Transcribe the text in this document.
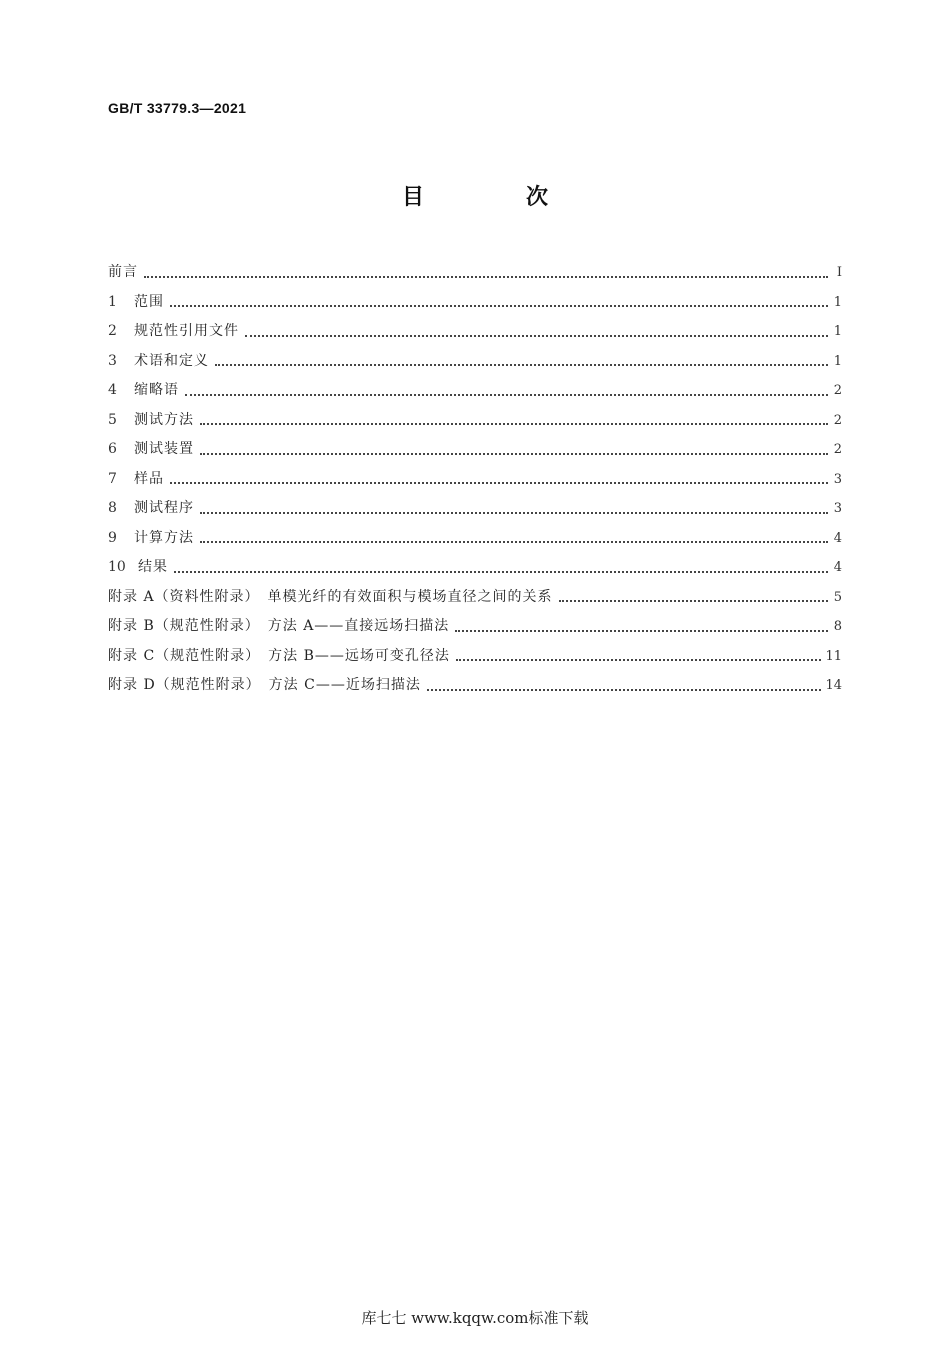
GB/T 33779.3—2021
目　次
前言	Ⅰ
1	范围	1
2	规范性引用文件	1
3	术语和定义	1
4	缩略语	2
5	测试方法	2
6	测试装置	2
7	样品	3
8	测试程序	3
9	计算方法	4
10 结果	4
附录 A（资料性附录）　单模光纤的有效面积与模场直径之间的关系	5
附录 B（规范性附录）　方法 A——直接远场扫描法	8
附录 C（规范性附录）　方法 B——远场可变孔径法	11
附录 D（规范性附录）　方法 C——近场扫描法	14
库七七 www.kqqw.com标准下载
